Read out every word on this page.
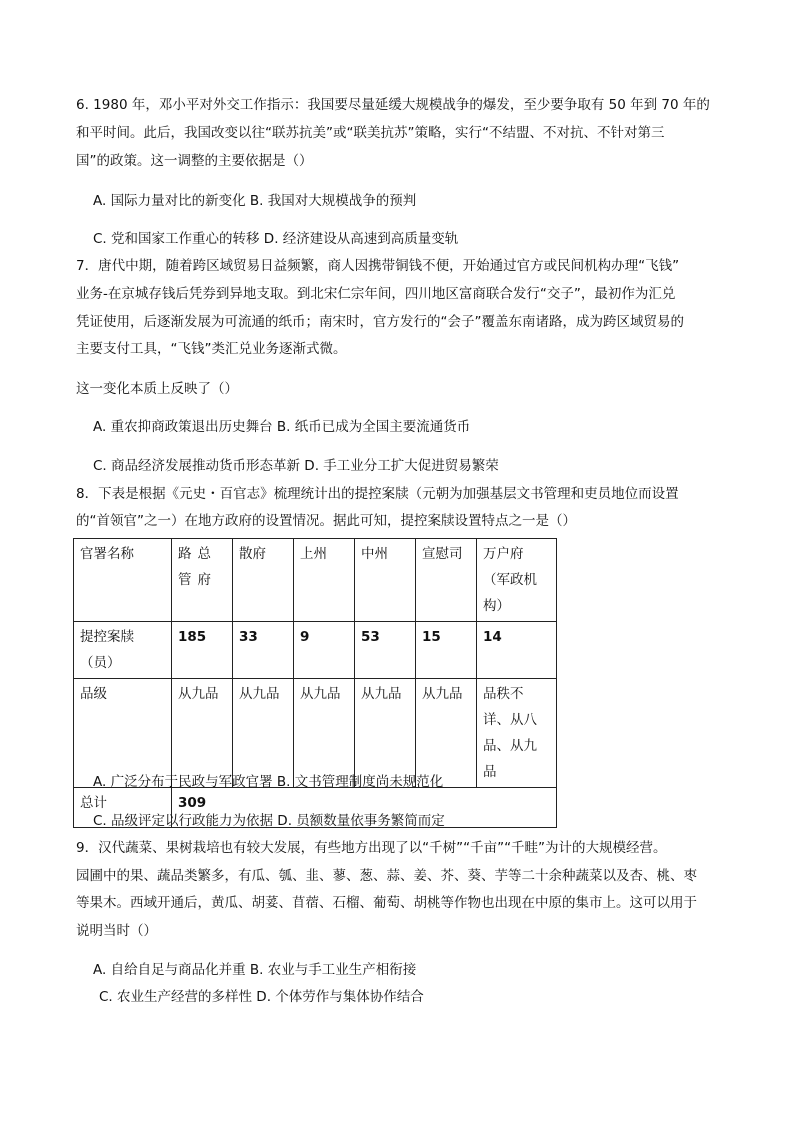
6. 1980 年，邓小平对外交工作指示：我国要尽量延缓大规模战争的爆发，至少要争取有 50 年到 70 年的
和平时间。此后，我国改变以往“联苏抗美”或“联美抗苏”策略，实行“不结盟、不对抗、不针对第三
国”的政策。这一调整的主要依据是（）
A. 国际力量对比的新变化 B. 我国对大规模战争的预判
C. 党和国家工作重心的转移 D. 经济建设从高速到高质量变轨
7．唐代中期，随着跨区域贸易日益频繁，商人因携带铜钱不便，开始通过官方或民间机构办理“飞钱”
业务-在京城存钱后凭券到异地支取。到北宋仁宗年间，四川地区富商联合发行“交子”，最初作为汇兑
凭证使用，后逐渐发展为可流通的纸币；南宋时，官方发行的“会子”覆盖东南诸路，成为跨区域贸易的
主要支付工具，“飞钱”类汇兑业务逐渐式微。
这一变化本质上反映了（）
A. 重农抑商政策退出历史舞台 B. 纸币已成为全国主要流通货币
C. 商品经济发展推动货币形态革新 D. 手工业分工扩大促进贸易繁荣
8．下表是根据《元史・百官志》梳理统计出的提控案牍（元朝为加强基层文书管理和吏员地位而设置
的“首领官”之一）在地方政府的设置情况。据此可知，提控案牍设置特点之一是（）
官署名称	路总管府	散府	上州	中州	宣慰司	万户府（军政机构）
提控案牍（员）	185	33	9	53	15	14
品级	从九品	从九品	从九品	从九品	从九品	品秩不详、从八品、从九品
总计	309					
A. 广泛分布于民政与军政官署 B. 文书管理制度尚未规范化
C. 品级评定以行政能力为依据 D. 员额数量依事务繁简而定
9．汉代蔬菜、果树栽培也有较大发展，有些地方出现了以“千树”“千亩”“千畦”为计的大规模经营。
园圃中的果、蔬品类繁多，有瓜、瓠、韭、蓼、葱、蒜、姜、芥、葵、芋等二十余种蔬菜以及杏、桃、枣
等果木。西域开通后，黄瓜、胡荽、苜蓿、石榴、葡萄、胡桃等作物也出现在中原的集市上。这可以用于
说明当时（）
A. 自给自足与商品化并重 B. 农业与手工业生产相衔接
C. 农业生产经营的多样性 D. 个体劳作与集体协作结合
